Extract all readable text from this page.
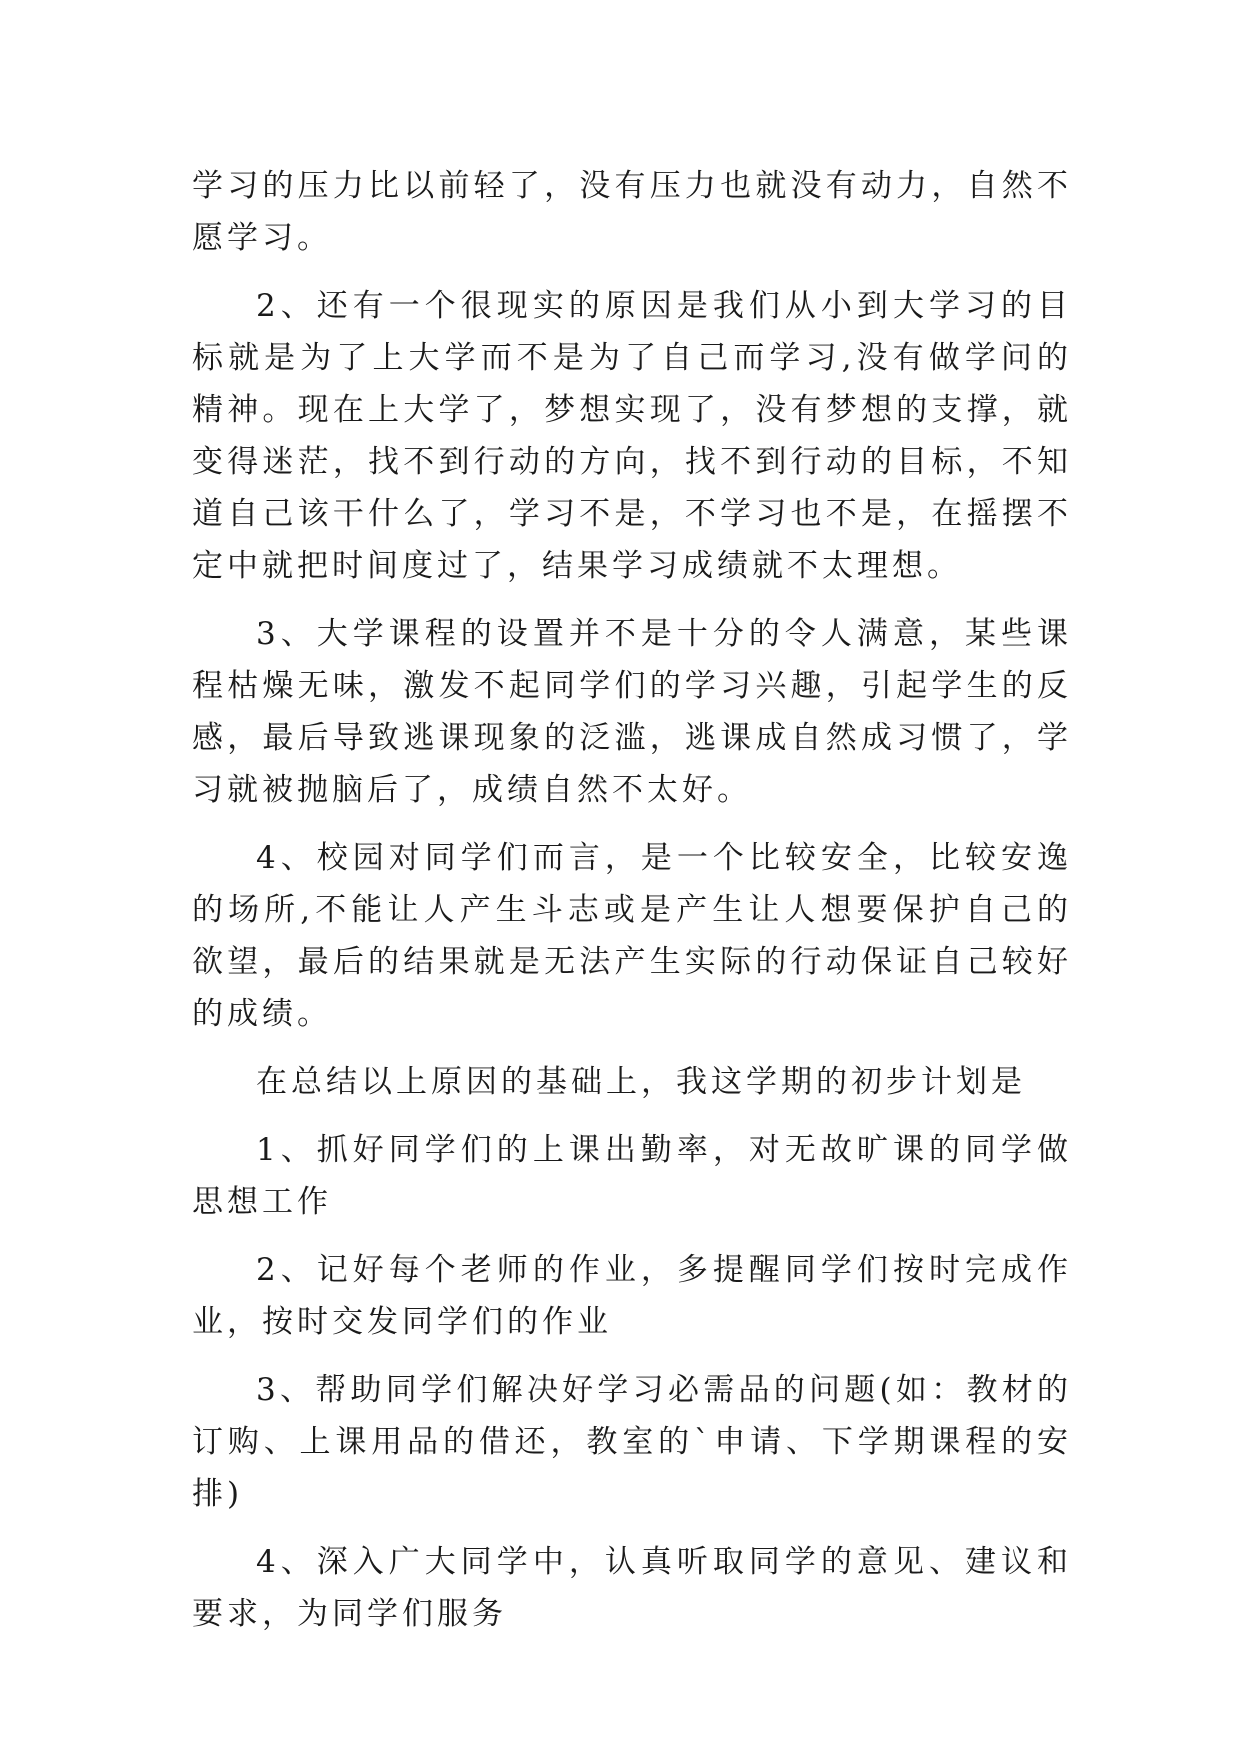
学习的压力比以前轻了，没有压力也就没有动力，自然不愿学习。

2、还有一个很现实的原因是我们从小到大学习的目标就是为了上大学而不是为了自己而学习,没有做学问的精神。现在上大学了，梦想实现了，没有梦想的支撑，就变得迷茫，找不到行动的方向，找不到行动的目标，不知道自己该干什么了，学习不是，不学习也不是，在摇摆不定中就把时间度过了，结果学习成绩就不太理想。

3、大学课程的设置并不是十分的令人满意，某些课程枯燥无味，激发不起同学们的学习兴趣，引起学生的反感，最后导致逃课现象的泛滥，逃课成自然成习惯了，学习就被抛脑后了，成绩自然不太好。

4、校园对同学们而言，是一个比较安全，比较安逸的场所,不能让人产生斗志或是产生让人想要保护自己的欲望，最后的结果就是无法产生实际的行动保证自己较好的成绩。

在总结以上原因的基础上，我这学期的初步计划是

1、抓好同学们的上课出勤率，对无故旷课的同学做思想工作

2、记好每个老师的作业，多提醒同学们按时完成作业，按时交发同学们的作业

3、帮助同学们解决好学习必需品的问题(如：教材的订购、上课用品的借还，教室的`申请、下学期课程的安排)

4、深入广大同学中，认真听取同学的意见、建议和要求，为同学们服务
